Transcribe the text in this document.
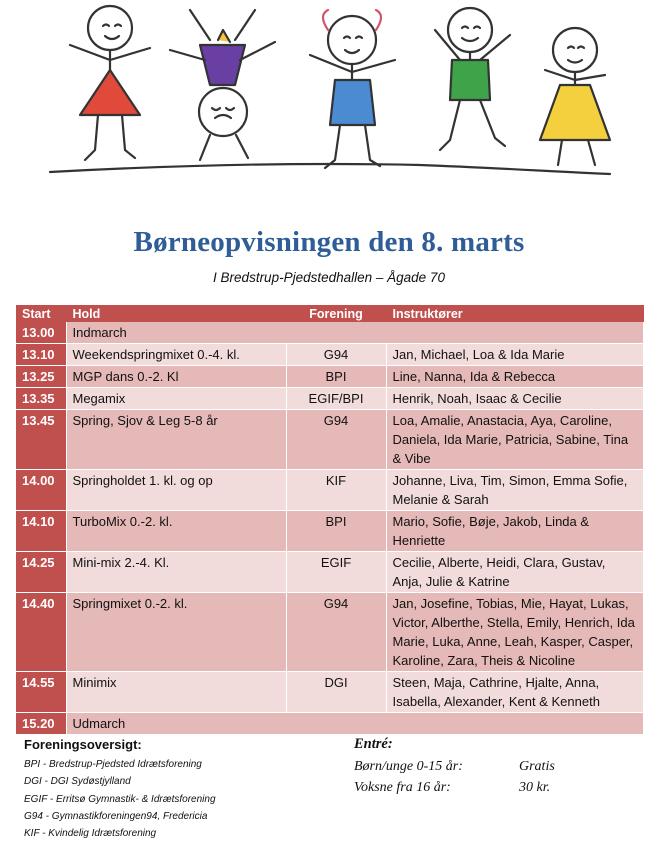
Børneopvisningen den 8. marts
I Bredstrup-Pjedstedhallen – Ågade 70
Start	Hold	Forening	Instruktører
13.00	Indmarch		
13.10	Weekendspringmixet 0.-4. kl.	G94	Jan, Michael, Loa & Ida Marie
13.25	MGP dans 0.-2. Kl	BPI	Line, Nanna, Ida & Rebecca
13.35	Megamix	EGIF/BPI	Henrik, Noah, Isaac & Cecilie
13.45	Spring, Sjov & Leg 5-8 år	G94	Loa, Amalie, Anastacia, Aya, Caroline, Daniela, Ida Marie, Patricia, Sabine, Tina & Vibe
14.00	Springholdet 1. kl. og op	KIF	Johanne, Liva, Tim, Simon, Emma Sofie, Melanie & Sarah
14.10	TurboMix 0.-2. kl.	BPI	Mario, Sofie, Bøje, Jakob, Linda & Henriette
14.25	Mini-mix 2.-4. Kl.	EGIF	Cecilie, Alberte, Heidi, Clara, Gustav, Anja, Julie & Katrine
14.40	Springmixet 0.-2. kl.	G94	Jan, Josefine, Tobias, Mie, Hayat, Lukas, Victor, Alberthe, Stella, Emily, Henrich, Ida Marie, Luka, Anne, Leah, Kasper, Casper, Karoline, Zara, Theis & Nicoline
14.55	Minimix	DGI	Steen, Maja, Cathrine, Hjalte, Anna, Isabella, Alexander, Kent & Kenneth
15.20	Udmarch		
Foreningsoversigt:
BPI - Bredstrup-Pjedsted Idrætsforening
DGI - DGI Sydøstjylland
EGIF - Erritsø Gymnastik- & Idrætsforening
G94 - Gymnastikforeningen94, Fredericia
KIF - Kvindelig Idrætsforening
Entré:
Børn/unge 0-15 år:	Gratis
Voksne fra 16 år:	30 kr.
